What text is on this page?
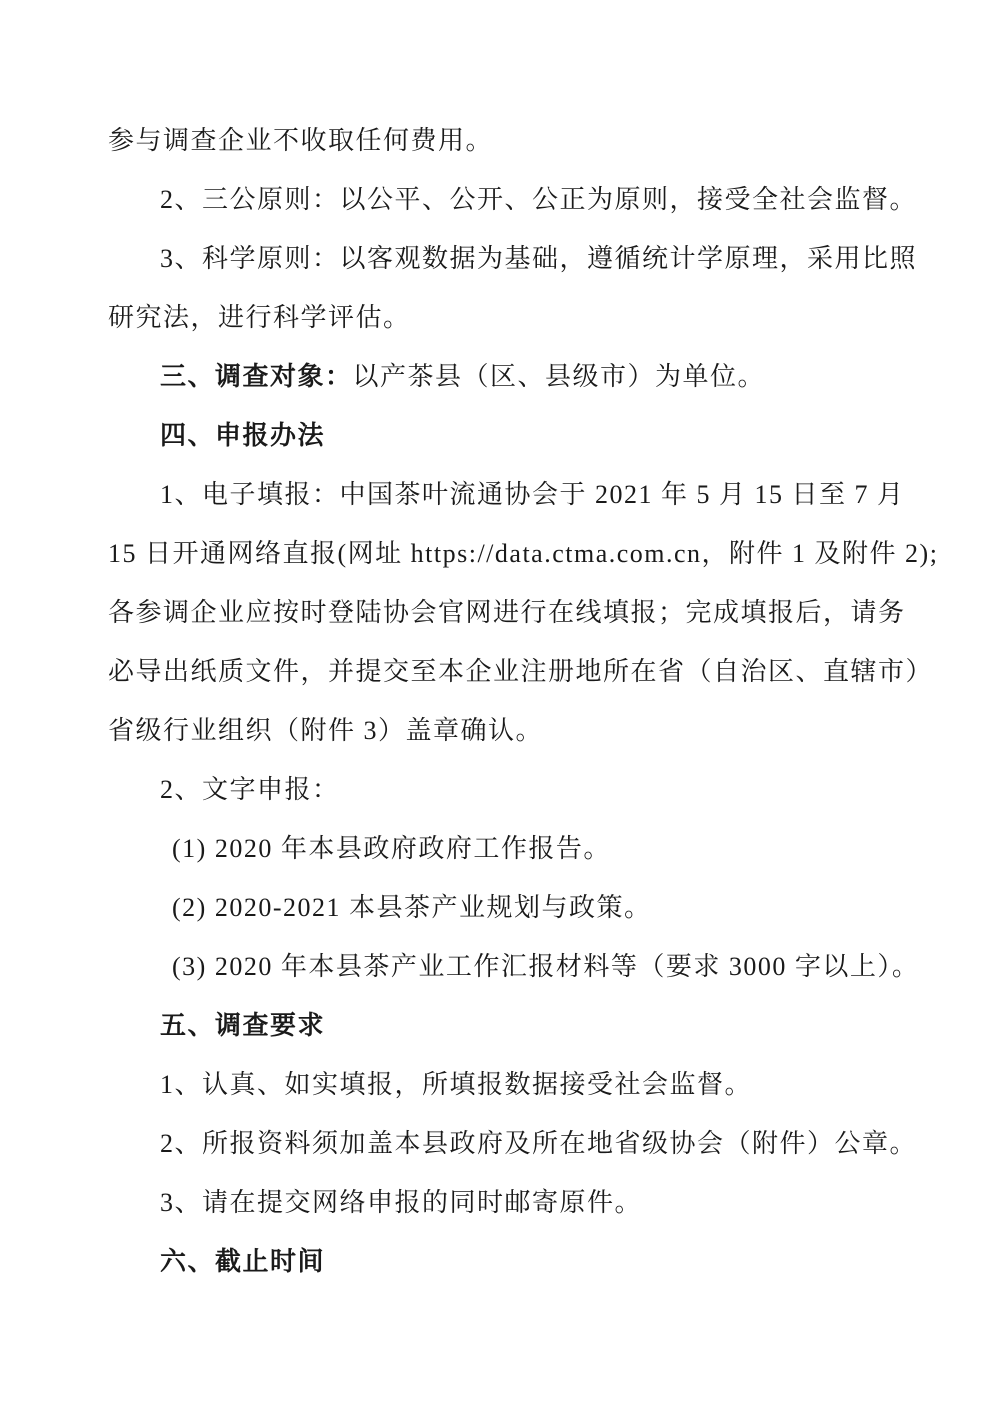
参与调查企业不收取任何费用。

2、三公原则：以公平、公开、公正为原则，接受全社会监督。

3、科学原则：以客观数据为基础，遵循统计学原理，采用比照

研究法，进行科学评估。

三、调查对象：以产茶县（区、县级市）为单位。

四、申报办法

1、电子填报：中国茶叶流通协会于 2021 年 5 月 15 日至 7 月

15 日开通网络直报(网址 https://data.ctma.com.cn，附件 1 及附件 2);

各参调企业应按时登陆协会官网进行在线填报；完成填报后，请务

必导出纸质文件，并提交至本企业注册地所在省（自治区、直辖市）

省级行业组织（附件 3）盖章确认。

2、文字申报：

(1) 2020 年本县政府政府工作报告。

(2) 2020-2021 本县茶产业规划与政策。

(3) 2020 年本县茶产业工作汇报材料等（要求 3000 字以上）。

五、调查要求

1、认真、如实填报，所填报数据接受社会监督。

2、所报资料须加盖本县政府及所在地省级协会（附件）公章。

3、请在提交网络申报的同时邮寄原件。

六、截止时间
